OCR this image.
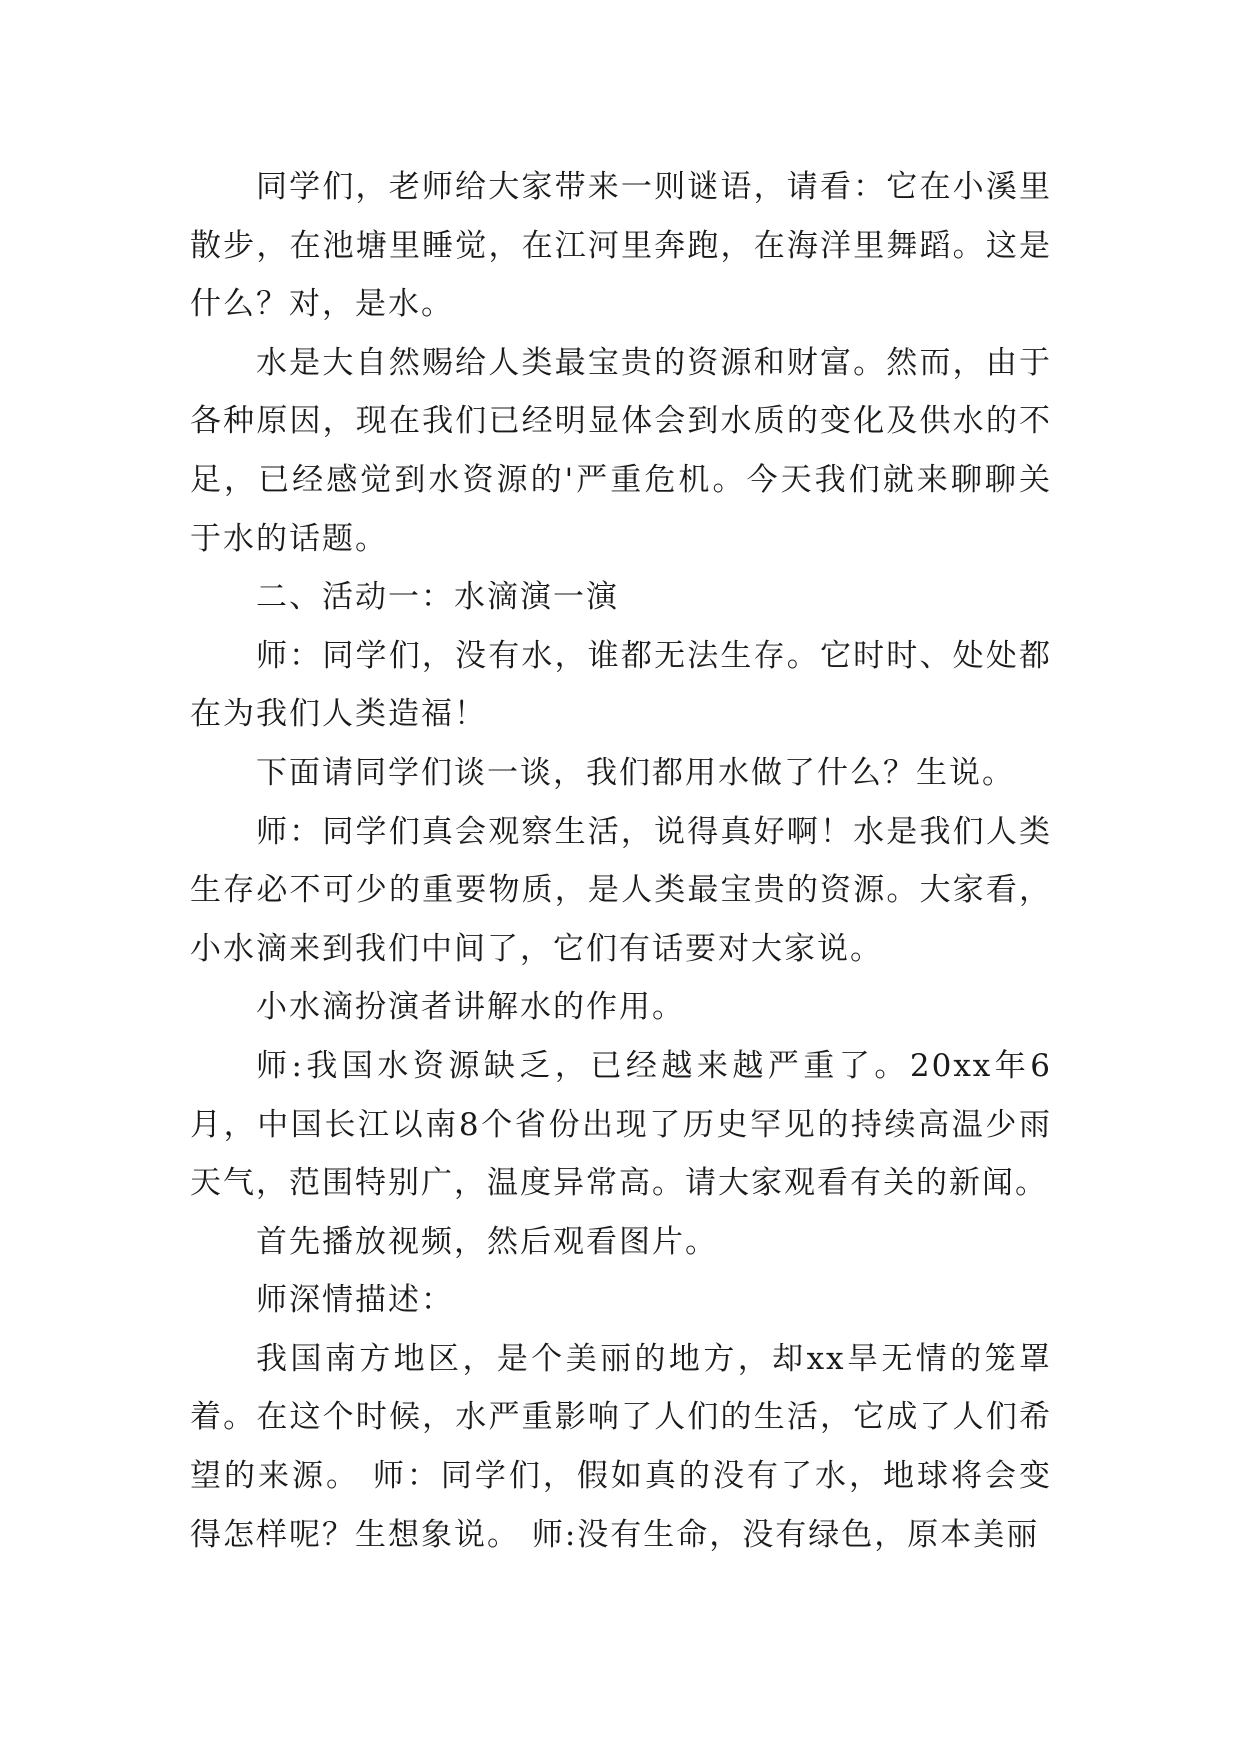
同学们，老师给大家带来一则谜语，请看：它在小溪里散步，在池塘里睡觉，在江河里奔跑，在海洋里舞蹈。这是什么？对，是水。

水是大自然赐给人类最宝贵的资源和财富。然而，由于各种原因，现在我们已经明显体会到水质的变化及供水的不足，已经感觉到水资源的'严重危机。今天我们就来聊聊关于水的话题。

二、活动一：水滴演一演

师：同学们，没有水，谁都无法生存。它时时、处处都在为我们人类造福！

下面请同学们谈一谈，我们都用水做了什么？生说。

师：同学们真会观察生活，说得真好啊！水是我们人类生存必不可少的重要物质，是人类最宝贵的资源。大家看，小水滴来到我们中间了，它们有话要对大家说。

小水滴扮演者讲解水的作用。

师:我国水资源缺乏，已经越来越严重了。20xx年6月，中国长江以南8个省份出现了历史罕见的持续高温少雨天气，范围特别广，温度异常高。请大家观看有关的新闻。

首先播放视频，然后观看图片。

师深情描述：

我国南方地区，是个美丽的地方，却xx旱无情的笼罩着。在这个时候，水严重影响了人们的生活，它成了人们希望的来源。 师：同学们，假如真的没有了水，地球将会变得怎样呢？生想象说。 师:没有生命，没有绿色，原本美丽
